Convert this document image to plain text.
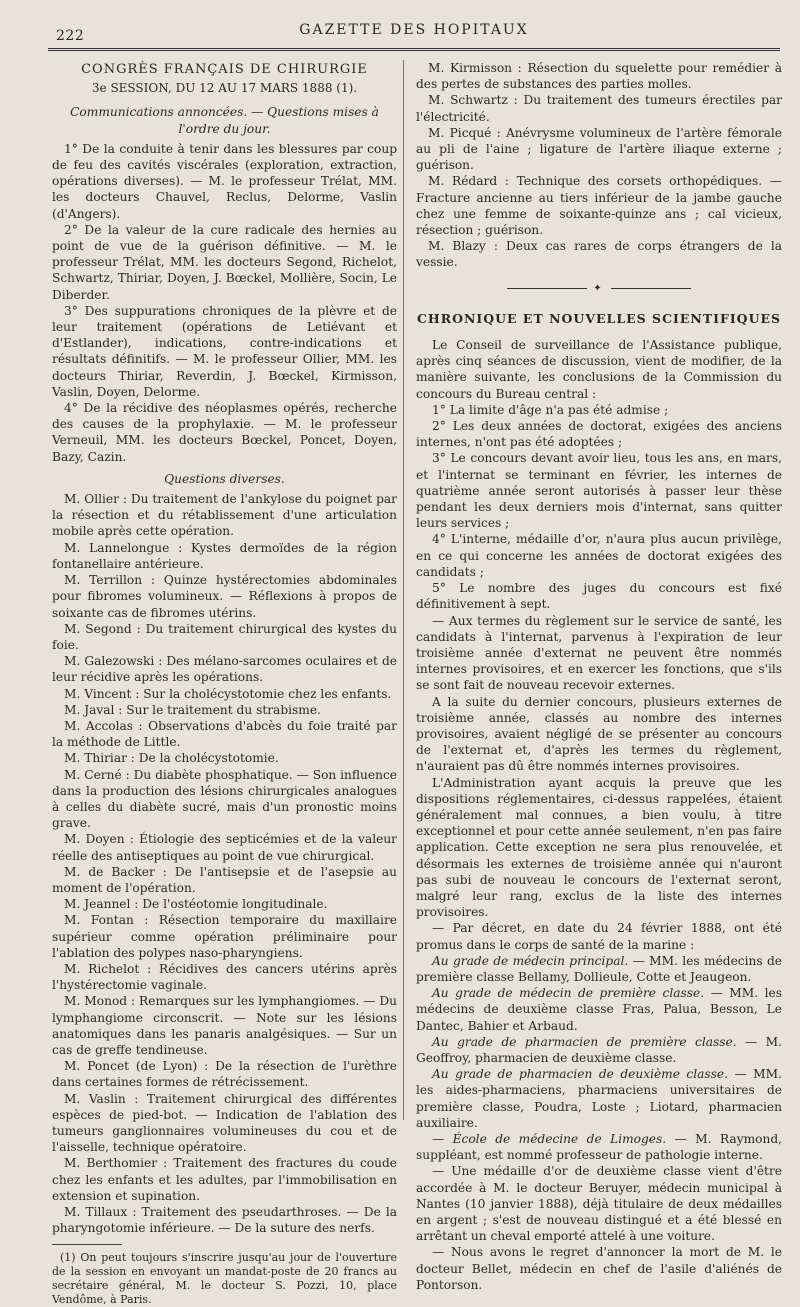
222	GAZETTE DES HOPITAUX
CONGRÈS FRANÇAIS DE CHIRURGIE
3e SESSION, DU 12 AU 17 MARS 1888 (1).
Communications annoncées. — Questions mises à l'ordre du jour.

1° De la conduite à tenir dans les blessures par coup de feu des cavités viscérales (exploration, extraction, opérations diverses). — M. le professeur Trélat, MM. les docteurs Chauvel, Reclus, Delorme, Vaslin (d'Angers).

2° De la valeur de la cure radicale des hernies au point de vue de la guérison définitive. — M. le professeur Trélat, MM. les docteurs Segond, Richelot, Schwartz, Thiriar, Doyen, J. Bœckel, Mollière, Socin, Le Diberder.

3° Des suppurations chroniques de la plèvre et de leur traitement (opérations de Letiévant et d'Estlander), indications, contre-indications et résultats définitifs. — M. le professeur Ollier, MM. les docteurs Thiriar, Reverdin, J. Bœckel, Kirmisson, Vaslin, Doyen, Delorme.

4° De la récidive des néoplasmes opérés, recherche des causes de la prophylaxie. — M. le professeur Verneuil, MM. les docteurs Bœckel, Poncet, Doyen, Bazy, Cazin.

Questions diverses.

M. Ollier : Du traitement de l'ankylose du poignet par la résection et du rétablissement d'une articulation mobile après cette opération.

M. Lannelongue : Kystes dermoïdes de la région fontanellaire antérieure.

M. Terrillon : Quinze hystérectomies abdominales pour fibromes volumineux. — Réflexions à propos de soixante cas de fibromes utérins.

M. Segond : Du traitement chirurgical des kystes du foie.

M. Galezowski : Des mélano-sarcomes oculaires et de leur récidive après les opérations.

M. Vincent : Sur la cholécystotomie chez les enfants.

M. Javal : Sur le traitement du strabisme.

M. Accolas : Observations d'abcès du foie traité par la méthode de Little.

M. Thiriar : De la cholécystotomie.

M. Cerné : Du diabète phosphatique. — Son influence dans la production des lésions chirurgicales analogues à celles du diabète sucré, mais d'un pronostic moins grave.

M. Doyen : Étiologie des septicémies et de la valeur réelle des antiseptiques au point de vue chirurgical.

M. de Backer : De l'antisepsie et de l'asepsie au moment de l'opération.

M. Jeannel : De l'ostéotomie longitudinale.

M. Fontan : Résection temporaire du maxillaire supérieur comme opération préliminaire pour l'ablation des polypes naso-pharyngiens.

M. Richelot : Récidives des cancers utérins après l'hystérectomie vaginale.

M. Monod : Remarques sur les lymphangiomes. — Du lymphangiome circonscrit. — Note sur les lésions anatomiques dans les panaris analgésiques. — Sur un cas de greffe tendineuse.

M. Poncet (de Lyon) : De la résection de l'urèthre dans certaines formes de rétrécissement.

M. Vaslin : Traitement chirurgical des différentes espèces de pied-bot. — Indication de l'ablation des tumeurs ganglionnaires volumineuses du cou et de l'aisselle, technique opératoire.

M. Berthomier : Traitement des fractures du coude chez les enfants et les adultes, par l'immobilisation en extension et supination.

M. Tillaux : Traitement des pseudarthroses. — De la pharyngotomie inférieure. — De la suture des nerfs.

(1) On peut toujours s'inscrire jusqu'au jour de l'ouverture de la session en envoyant un mandat-poste de 20 francs au secrétaire général, M. le docteur S. Pozzi, 10, place Vendôme, à Paris.

M. Kirmisson : Résection du squelette pour remédier à des pertes de substances des parties molles.

M. Schwartz : Du traitement des tumeurs érectiles par l'électricité.

M. Picqué : Anévrysme volumineux de l'artère fémorale au pli de l'aine ; ligature de l'artère iliaque externe ; guérison.

M. Rédard : Technique des corsets orthopédiques. — Fracture ancienne au tiers inférieur de la jambe gauche chez une femme de soixante-quinze ans ; cal vicieux, résection ; guérison.

M. Blazy : Deux cas rares de corps étrangers de la vessie.

✦
CHRONIQUE ET NOUVELLES SCIENTIFIQUES

Le Conseil de surveillance de l'Assistance publique, après cinq séances de discussion, vient de modifier, de la manière suivante, les conclusions de la Commission du concours du Bureau central :

1° La limite d'âge n'a pas été admise ;

2° Les deux années de doctorat, exigées des anciens internes, n'ont pas été adoptées ;

3° Le concours devant avoir lieu, tous les ans, en mars, et l'internat se terminant en février, les internes de quatrième année seront autorisés à passer leur thèse pendant les deux derniers mois d'internat, sans quitter leurs services ;

4° L'interne, médaille d'or, n'aura plus aucun privilège, en ce qui concerne les années de doctorat exigées des candidats ;

5° Le nombre des juges du concours est fixé définitivement à sept.

— Aux termes du règlement sur le service de santé, les candidats à l'internat, parvenus à l'expiration de leur troisième année d'externat ne peuvent être nommés internes provisoires, et en exercer les fonctions, que s'ils se sont fait de nouveau recevoir externes.

A la suite du dernier concours, plusieurs externes de troisième année, classés au nombre des internes provisoires, avaient négligé de se présenter au concours de l'externat et, d'après les termes du règlement, n'auraient pas dû être nommés internes provisoires.

L'Administration ayant acquis la preuve que les dispositions réglementaires, ci-dessus rappelées, étaient généralement mal connues, a bien voulu, à titre exceptionnel et pour cette année seulement, n'en pas faire application. Cette exception ne sera plus renouvelée, et désormais les externes de troisième année qui n'auront pas subi de nouveau le concours de l'externat seront, malgré leur rang, exclus de la liste des internes provisoires.

— Par décret, en date du 24 février 1888, ont été promus dans le corps de santé de la marine :

Au grade de médecin principal. — MM. les médecins de première classe Bellamy, Dollieule, Cotte et Jeaugeon.

Au grade de médecin de première classe. — MM. les médecins de deuxième classe Fras, Palua, Besson, Le Dantec, Bahier et Arbaud.

Au grade de pharmacien de première classe. — M. Geoffroy, pharmacien de deuxième classe.

Au grade de pharmacien de deuxième classe. — MM. les aides-pharmaciens, pharmaciens universitaires de première classe, Poudra, Loste ; Liotard, pharmacien auxiliaire.

— École de médecine de Limoges. — M. Raymond, suppléant, est nommé professeur de pathologie interne.

— Une médaille d'or de deuxième classe vient d'être accordée à M. le docteur Beruyer, médecin municipal à Nantes (10 janvier 1888), déjà titulaire de deux médailles en argent ; s'est de nouveau distingué et a été blessé en arrêtant un cheval emporté attelé à une voiture.

— Nous avons le regret d'annoncer la mort de M. le docteur Bellet, médecin en chef de l'asile d'aliénés de Pontorson.
